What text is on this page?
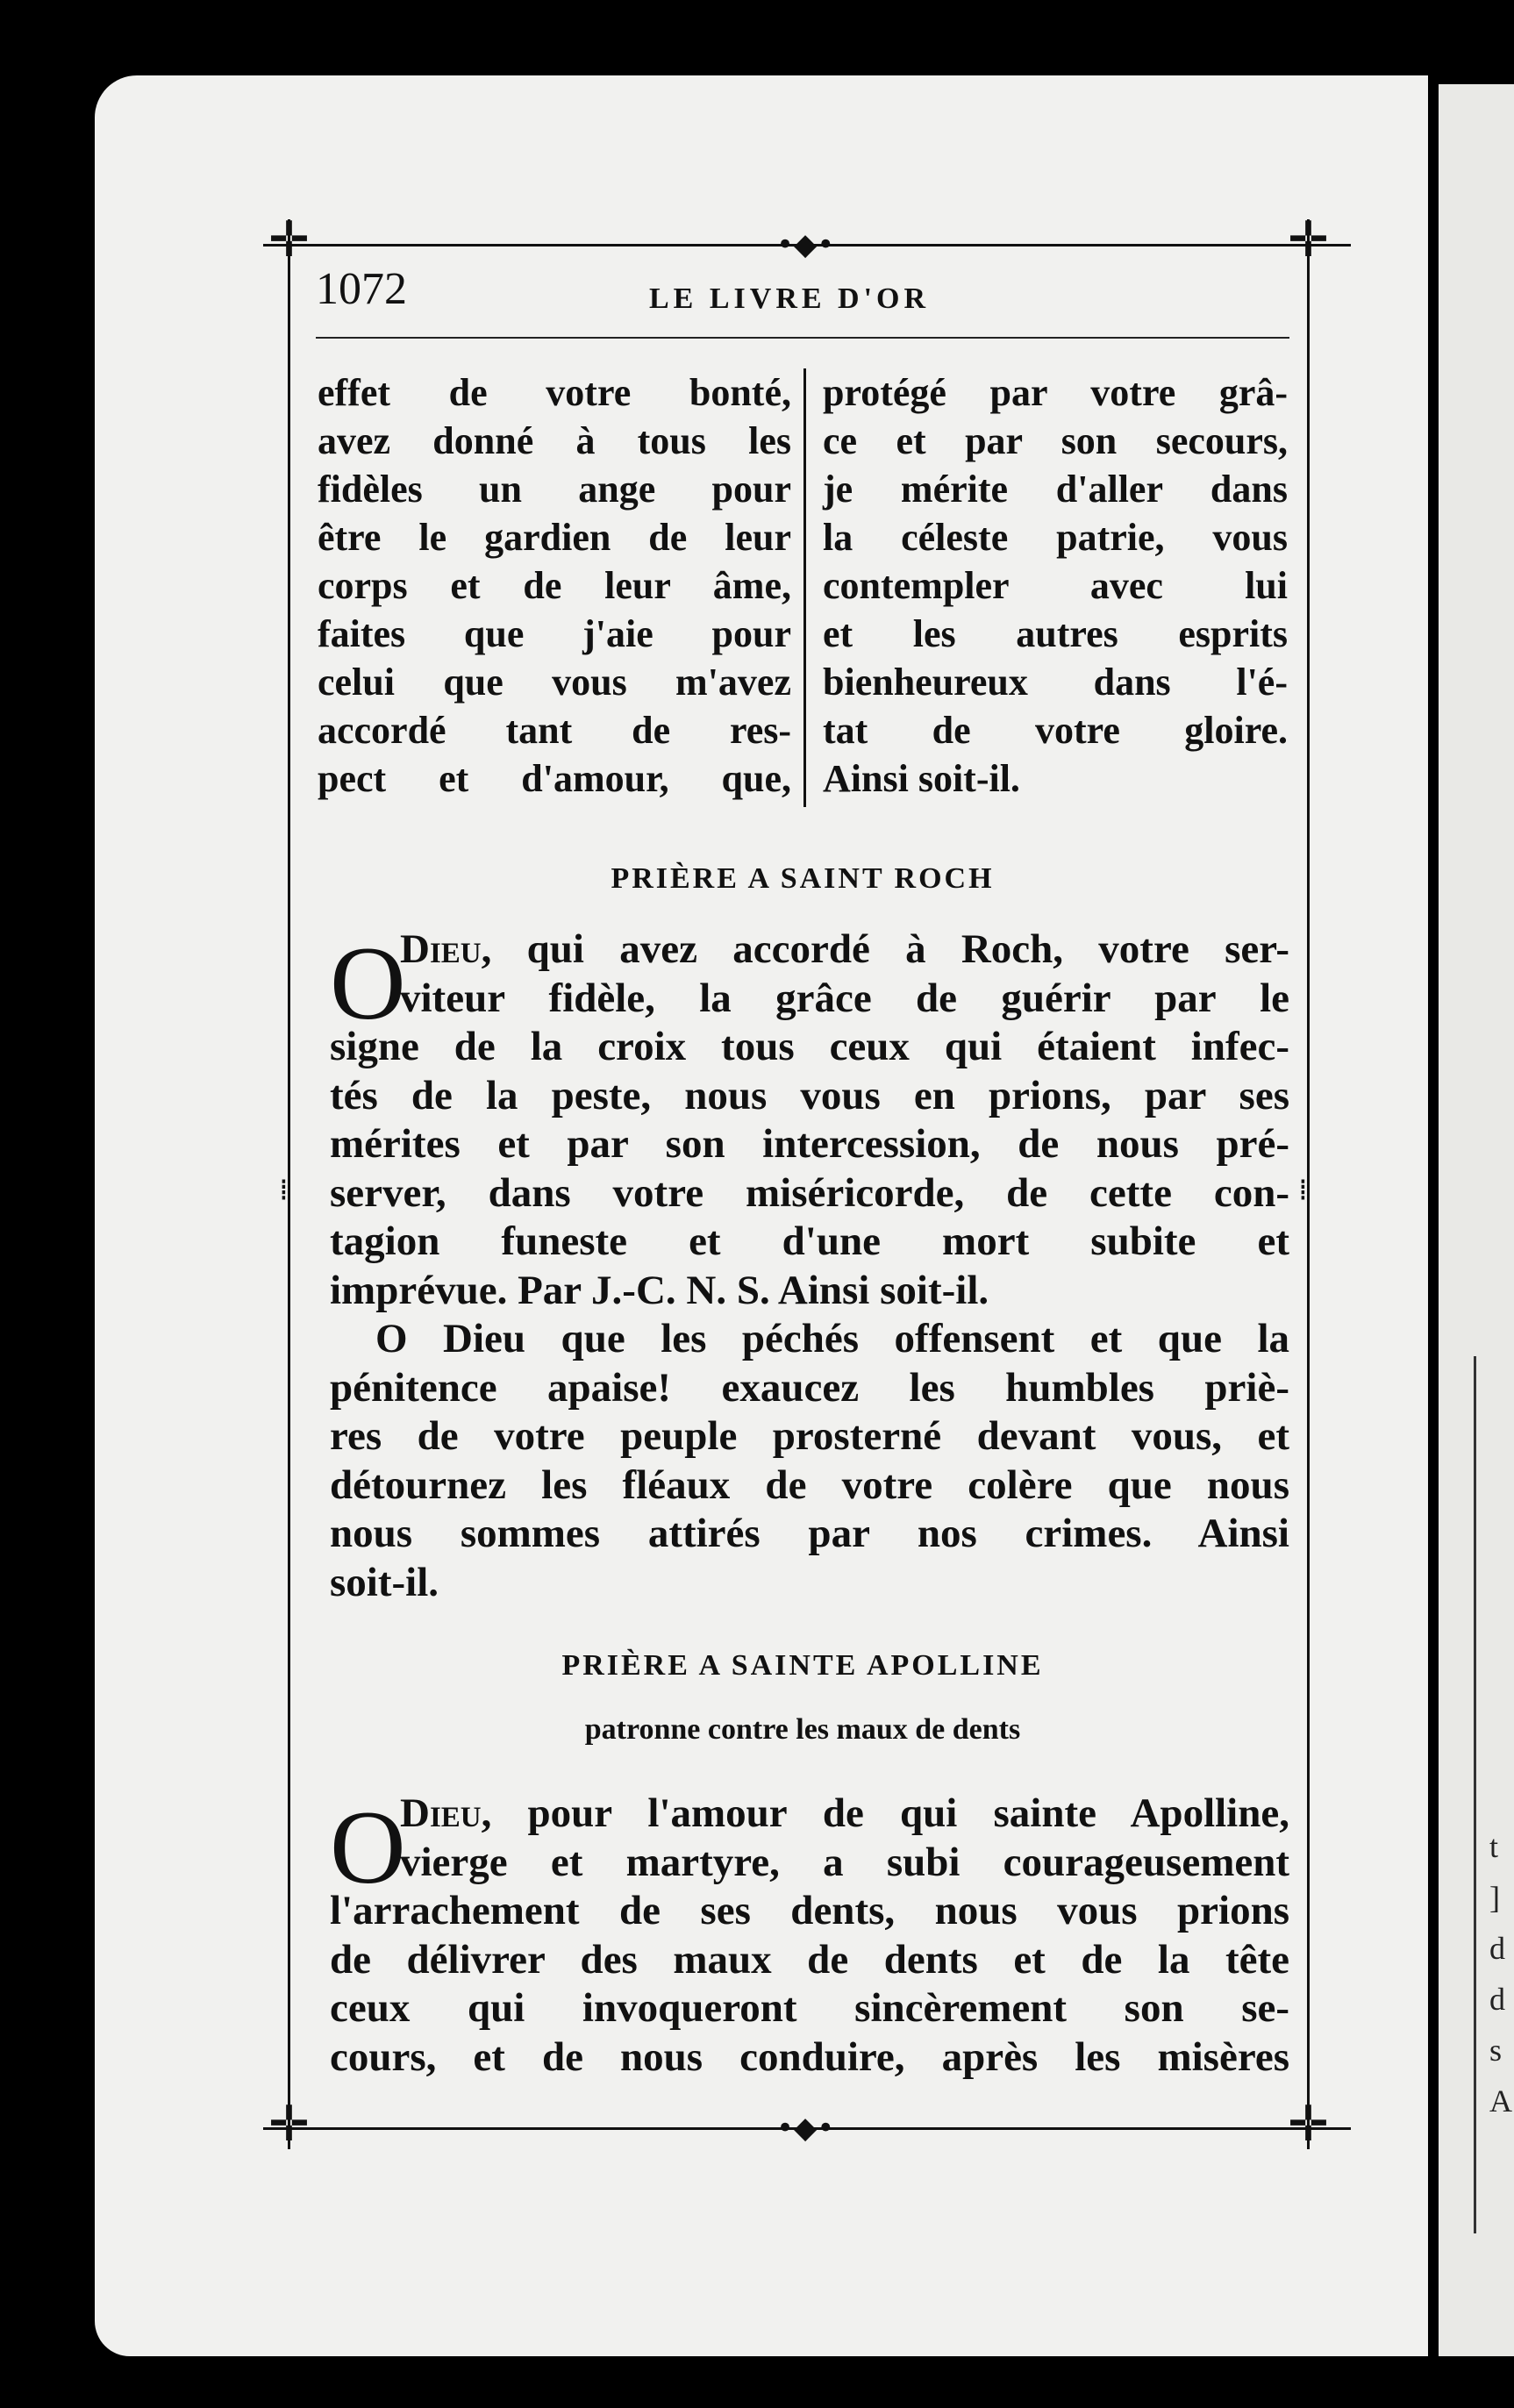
t
]
d
d
s
A
✛	✛
✛	✛
•◆•
•◆•
⁞	⁞
1072	LE LIVRE D'OR
effet de votre bonté,
avez donné à tous les
fidèles un ange pour
être le gardien de leur
corps et de leur âme,
faites que j'aie pour
celui que vous m'avez
accordé tant de res-
pect et d'amour, que,
protégé par votre grâ-
ce et par son secours,
je mérite d'aller dans
la céleste patrie, vous
contempler avec lui
et les autres esprits
bienheureux dans l'é-
tat de votre gloire.
Ainsi soit-il.
PRIÈRE A SAINT ROCH
O
Dieu, qui avez accordé à Roch, votre ser-
viteur fidèle, la grâce de guérir par le
signe de la croix tous ceux qui étaient infec-
tés de la peste, nous vous en prions, par ses
mérites et par son intercession, de nous pré-
server, dans votre miséricorde, de cette con-
tagion funeste et d'une mort subite et
imprévue. Par J.-C. N. S. Ainsi soit-il.
O Dieu que les péchés offensent et que la
pénitence apaise! exaucez les humbles priè-
res de votre peuple prosterné devant vous, et
détournez les fléaux de votre colère que nous
nous sommes attirés par nos crimes. Ainsi
soit-il.
PRIÈRE A SAINTE APOLLINE
patronne contre les maux de dents
O
Dieu, pour l'amour de qui sainte Apolline,
vierge et martyre, a subi courageusement
l'arrachement de ses dents, nous vous prions
de délivrer des maux de dents et de la tête
ceux qui invoqueront sincèrement son se-
cours, et de nous conduire, après les misères
